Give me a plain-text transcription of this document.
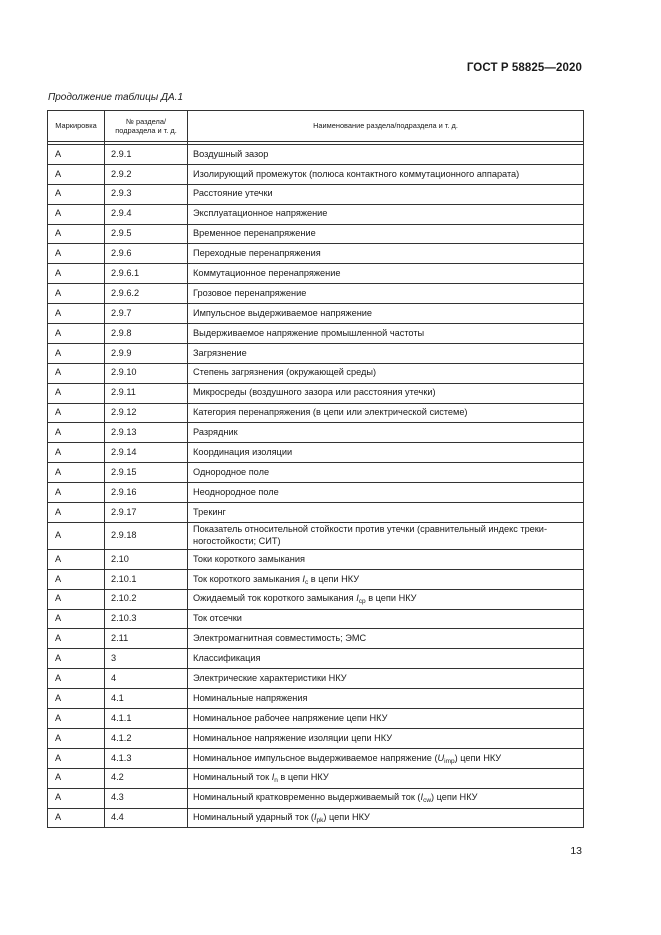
ГОСТ Р 58825—2020
Продолжение таблицы ДА.1
Маркировка	№ раздела/ подраздела и т. д.	Наименование раздела/подраздела и т. д.

A	2.9.1	Воздушный зазор
A	2.9.2	Изолирующий промежуток (полюса контактного коммутационного аппарата)
A	2.9.3	Расстояние утечки
A	2.9.4	Эксплуатационное напряжение
A	2.9.5	Временное перенапряжение
A	2.9.6	Переходные перенапряжения
A	2.9.6.1	Коммутационное перенапряжение
A	2.9.6.2	Грозовое перенапряжение
A	2.9.7	Импульсное выдерживаемое напряжение
A	2.9.8	Выдерживаемое напряжение промышленной частоты
A	2.9.9	Загрязнение
A	2.9.10	Степень загрязнения (окружающей среды)
A	2.9.11	Микросреды (воздушного зазора или расстояния утечки)
A	2.9.12	Категория перенапряжения (в цепи или электрической системе)
A	2.9.13	Разрядник
A	2.9.14	Координация изоляции
A	2.9.15	Однородное поле
A	2.9.16	Неоднородное поле
A	2.9.17	Трекинг
A	2.9.18	Показатель относительной стойкости против утечки (сравнительный индекс треки-
ногостойкости; СИТ)
A	2.10	Токи короткого замыкания
A	2.10.1	Ток короткого замыкания $I_c$ в цепи НКУ
A	2.10.2	Ожидаемый ток короткого замыкания $I_{cp}$ в цепи НКУ
A	2.10.3	Ток отсечки
A	2.11	Электромагнитная совместимость; ЭМС
A	3	Классификация
A	4	Электрические характеристики НКУ
A	4.1	Номинальные напряжения
A	4.1.1	Номинальное рабочее напряжение цепи НКУ
A	4.1.2	Номинальное напряжение изоляции цепи НКУ
A	4.1.3	Номинальное импульсное выдерживаемое напряжение $(U_{imp})$ цепи НКУ
A	4.2	Номинальный ток $I_n$ в цепи НКУ
A	4.3	Номинальный кратковременно выдерживаемый ток $(I_{cw})$ цепи НКУ
A	4.4	Номинальный ударный ток $(I_{pk})$ цепи НКУ
13
